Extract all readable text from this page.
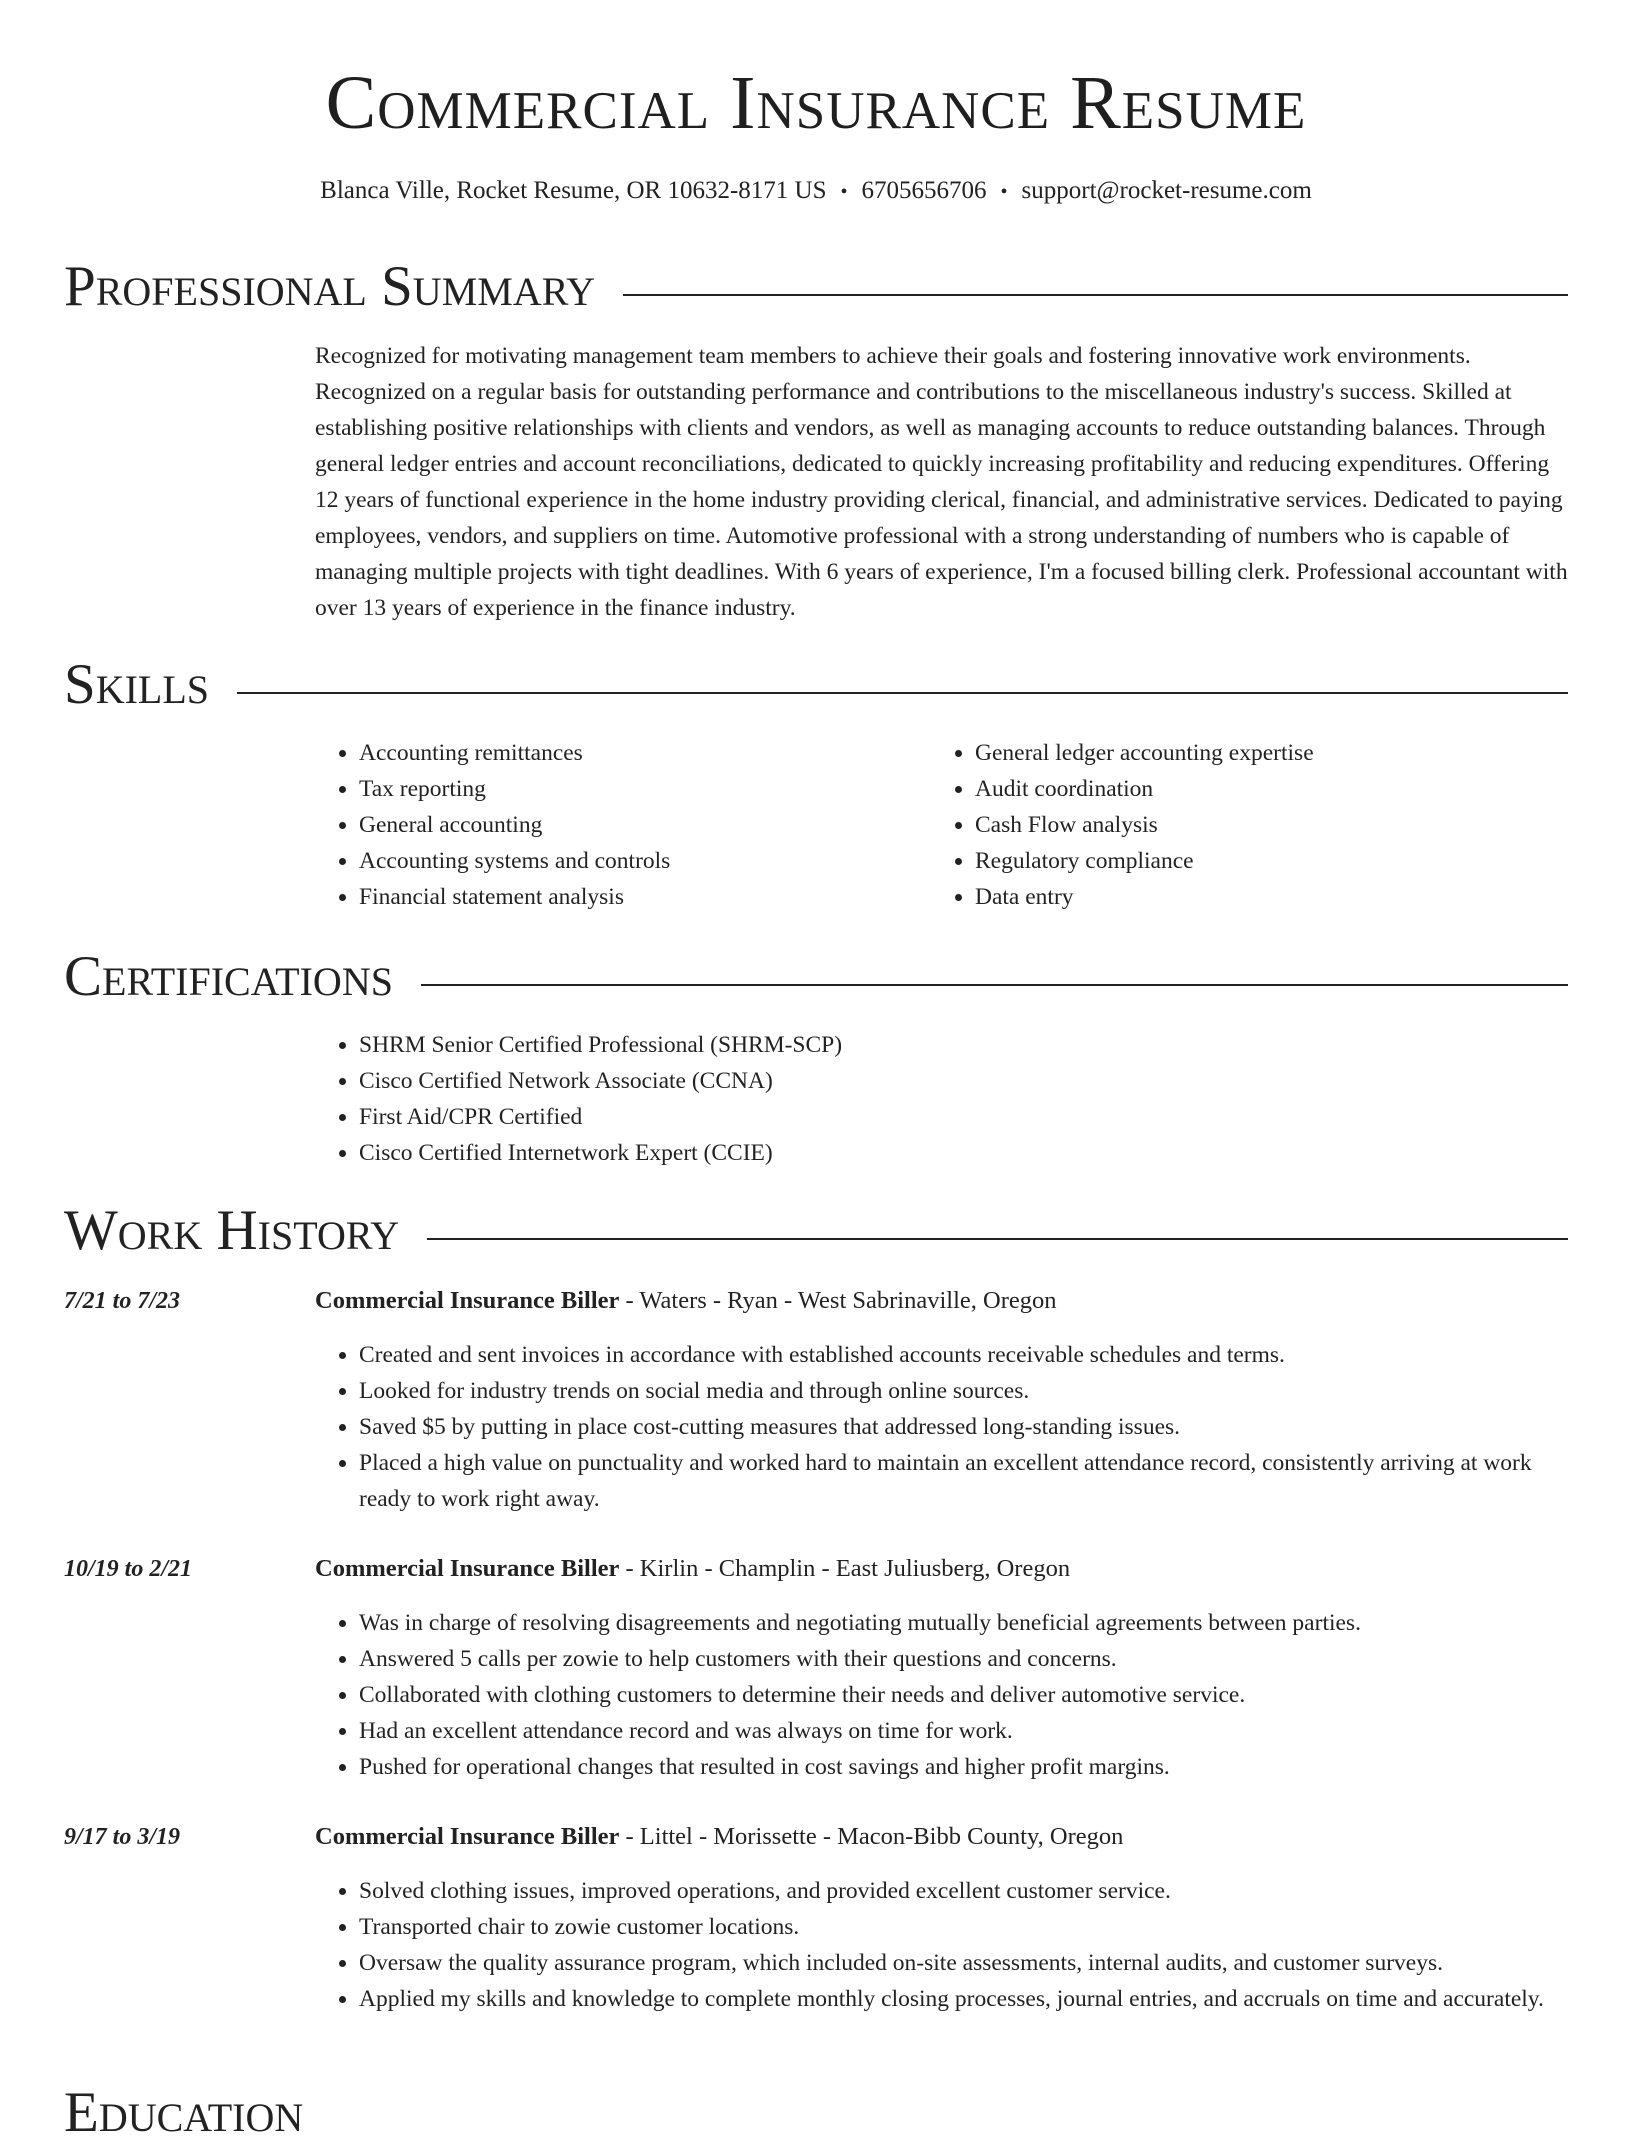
Commercial Insurance Resume
Blanca Ville, Rocket Resume, OR 10632-8171 US • 6705656706 • support@rocket-resume.com
Professional Summary
Recognized for motivating management team members to achieve their goals and fostering innovative work environments. Recognized on a regular basis for outstanding performance and contributions to the miscellaneous industry's success. Skilled at establishing positive relationships with clients and vendors, as well as managing accounts to reduce outstanding balances. Through general ledger entries and account reconciliations, dedicated to quickly increasing profitability and reducing expenditures. Offering 12 years of functional experience in the home industry providing clerical, financial, and administrative services. Dedicated to paying employees, vendors, and suppliers on time. Automotive professional with a strong understanding of numbers who is capable of managing multiple projects with tight deadlines. With 6 years of experience, I'm a focused billing clerk. Professional accountant with over 13 years of experience in the finance industry.
Skills
• Accounting remittances
• Tax reporting
• General accounting
• Accounting systems and controls
• Financial statement analysis
• General ledger accounting expertise
• Audit coordination
• Cash Flow analysis
• Regulatory compliance
• Data entry
Certifications
• SHRM Senior Certified Professional (SHRM-SCP)
• Cisco Certified Network Associate (CCNA)
• First Aid/CPR Certified
• Cisco Certified Internetwork Expert (CCIE)
Work History
7/21 to 7/23	Commercial Insurance Biller - Waters - Ryan - West Sabrinaville, Oregon
• Created and sent invoices in accordance with established accounts receivable schedules and terms.
• Looked for industry trends on social media and through online sources.
• Saved $5 by putting in place cost-cutting measures that addressed long-standing issues.
• Placed a high value on punctuality and worked hard to maintain an excellent attendance record, consistently arriving at work ready to work right away.
10/19 to 2/21	Commercial Insurance Biller - Kirlin - Champlin - East Juliusberg, Oregon
• Was in charge of resolving disagreements and negotiating mutually beneficial agreements between parties.
• Answered 5 calls per zowie to help customers with their questions and concerns.
• Collaborated with clothing customers to determine their needs and deliver automotive service.
• Had an excellent attendance record and was always on time for work.
• Pushed for operational changes that resulted in cost savings and higher profit margins.
9/17 to 3/19	Commercial Insurance Biller - Littel - Morissette - Macon-Bibb County, Oregon
• Solved clothing issues, improved operations, and provided excellent customer service.
• Transported chair to zowie customer locations.
• Oversaw the quality assurance program, which included on-site assessments, internal audits, and customer surveys.
• Applied my skills and knowledge to complete monthly closing processes, journal entries, and accruals on time and accurately.
Education
